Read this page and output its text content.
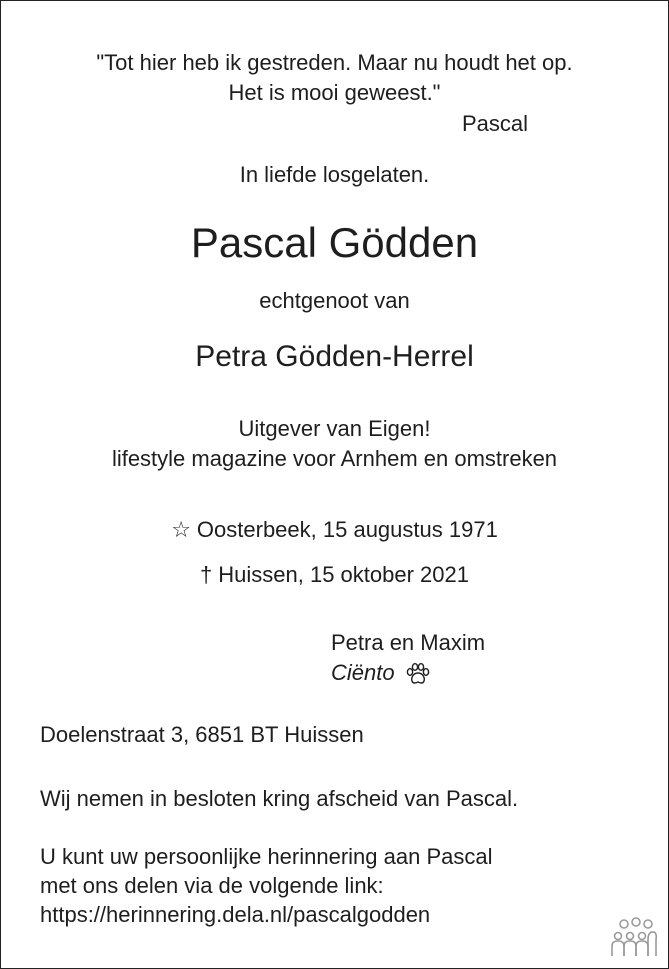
"Tot hier heb ik gestreden. Maar nu houdt het op.
Het is mooi geweest."
Pascal
In liefde losgelaten.
Pascal Gödden
echtgenoot van
Petra Gödden-Herrel
Uitgever van Eigen!
lifestyle magazine voor Arnhem en omstreken
☆ Oosterbeek, 15 augustus 1971
† Huissen, 15 oktober 2021
Petra en Maxim
Ciënto
Doelenstraat 3, 6851 BT Huissen
Wij nemen in besloten kring afscheid van Pascal.
U kunt uw persoonlijke herinnering aan Pascal
met ons delen via de volgende link:
https://herinnering.dela.nl/pascalgodden
